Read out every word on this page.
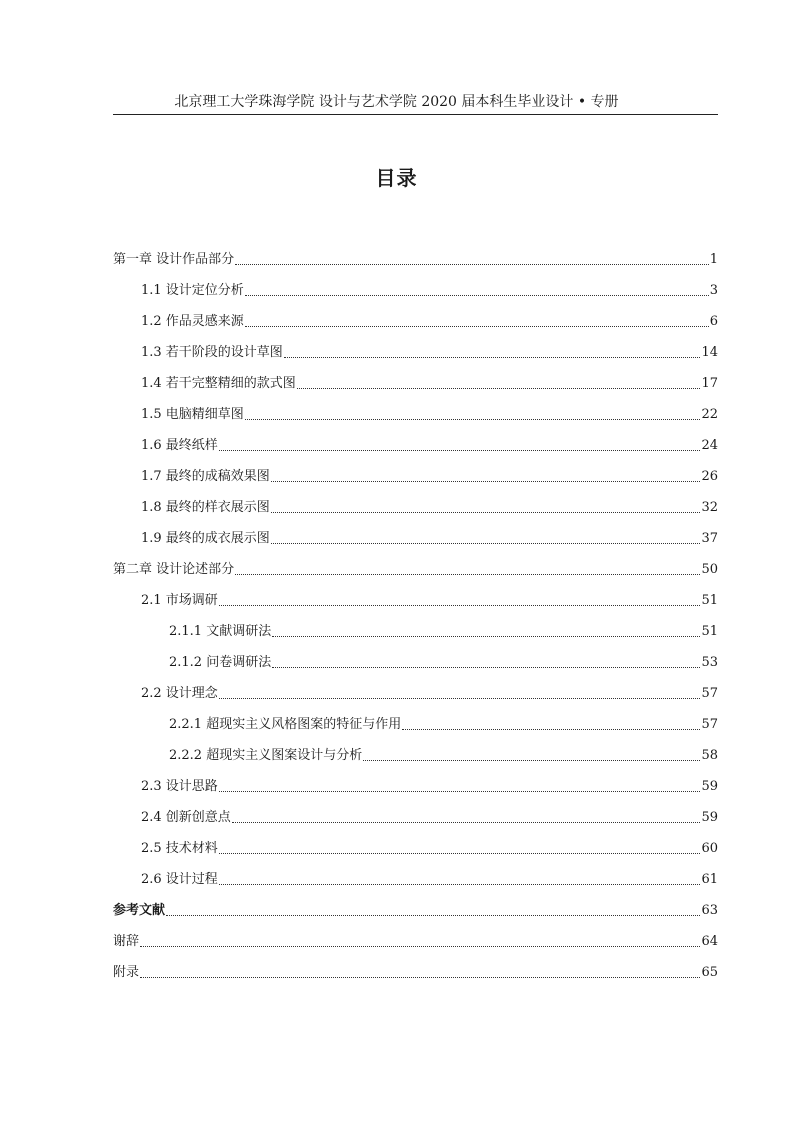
北京理工大学珠海学院 设计与艺术学院 2020 届本科生毕业设计 • 专册
目录
第一章 设计作品部分	1
1.1 设计定位分析	3
1.2 作品灵感来源	6
1.3 若干阶段的设计草图	14
1.4 若干完整精细的款式图	17
1.5 电脑精细草图	22
1.6 最终纸样	24
1.7 最终的成稿效果图	26
1.8 最终的样衣展示图	32
1.9 最终的成衣展示图	37
第二章 设计论述部分	50
2.1 市场调研	51
2.1.1 文献调研法	51
2.1.2 问卷调研法	53
2.2 设计理念	57
2.2.1 超现实主义风格图案的特征与作用	57
2.2.2 超现实主义图案设计与分析	58
2.3 设计思路	59
2.4 创新创意点	59
2.5 技术材料	60
2.6 设计过程	61
参考文献	63
谢辞	64
附录	65
